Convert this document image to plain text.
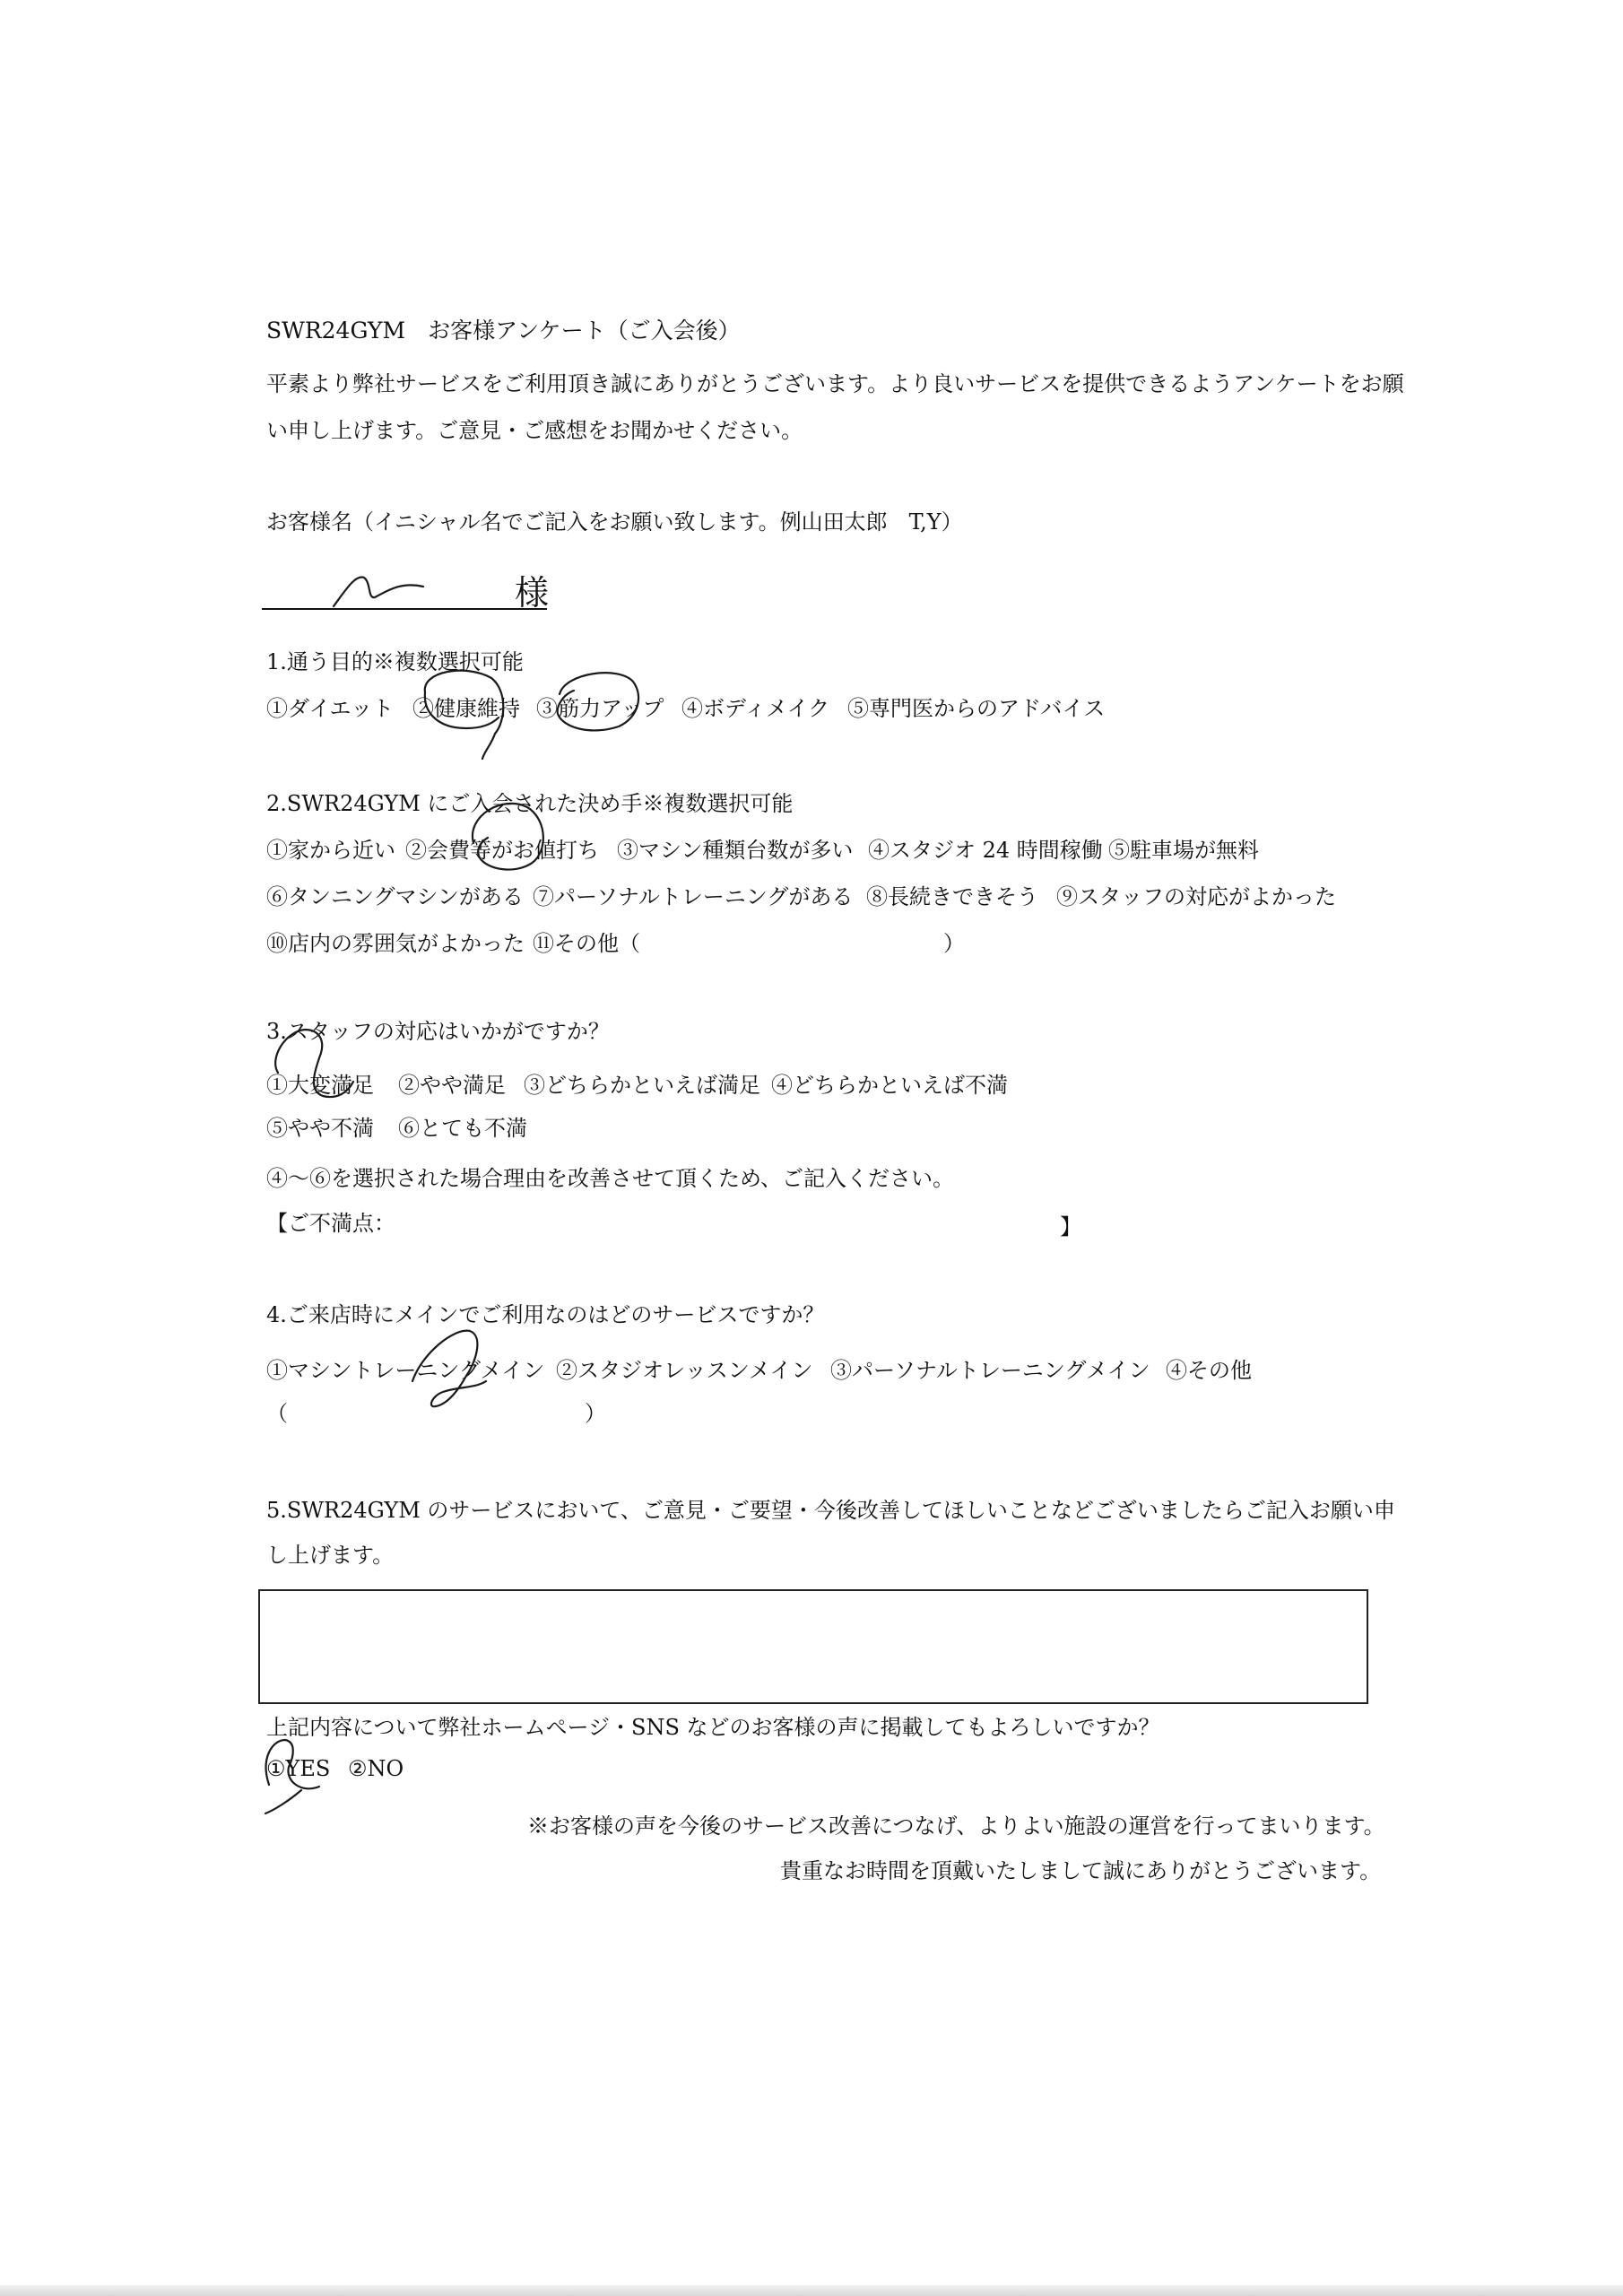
SWR24GYM　お客様アンケート（ご入会後）
平素より弊社サービスをご利用頂き誠にありがとうございます。より良いサービスを提供できるようアンケートをお願
い申し上げます。ご意見・ご感想をお聞かせください。
お客様名（イニシャル名でご記入をお願い致します。例山田太郎　T,Y）
様
1.通う目的※複数選択可能
①ダイエット ②健康維持 ③筋力アップ ④ボディメイク ⑤専門医からのアドバイス
2.SWR24GYM にご入会された決め手※複数選択可能
①家から近い ②会費等がお値打ち ③マシン種類台数が多い ④スタジオ 24 時間稼働 ⑤駐車場が無料
⑥タンニングマシンがある ⑦パーソナルトレーニングがある ⑧長続きできそう ⑨スタッフの対応がよかった
⑩店内の雰囲気がよかった ⑪その他（	）
3.スタッフの対応はいかがですか？
①大変満足 ②やや満足 ③どちらかといえば満足 ④どちらかといえば不満
⑤やや不満 ⑥とても不満
④～⑥を選択された場合理由を改善させて頂くため、ご記入ください。
【ご不満点：	】
4.ご来店時にメインでご利用なのはどのサービスですか？
①マシントレーニングメイン ②スタジオレッスンメイン ③パーソナルトレーニングメイン ④その他
（	）
5.SWR24GYM のサービスにおいて、ご意見・ご要望・今後改善してほしいことなどございましたらご記入お願い申
し上げます。
上記内容について弊社ホームページ・SNS などのお客様の声に掲載してもよろしいですか？
①YES ②NO
※お客様の声を今後のサービス改善につなげ、よりよい施設の運営を行ってまいります。
貴重なお時間を頂戴いたしまして誠にありがとうございます。
